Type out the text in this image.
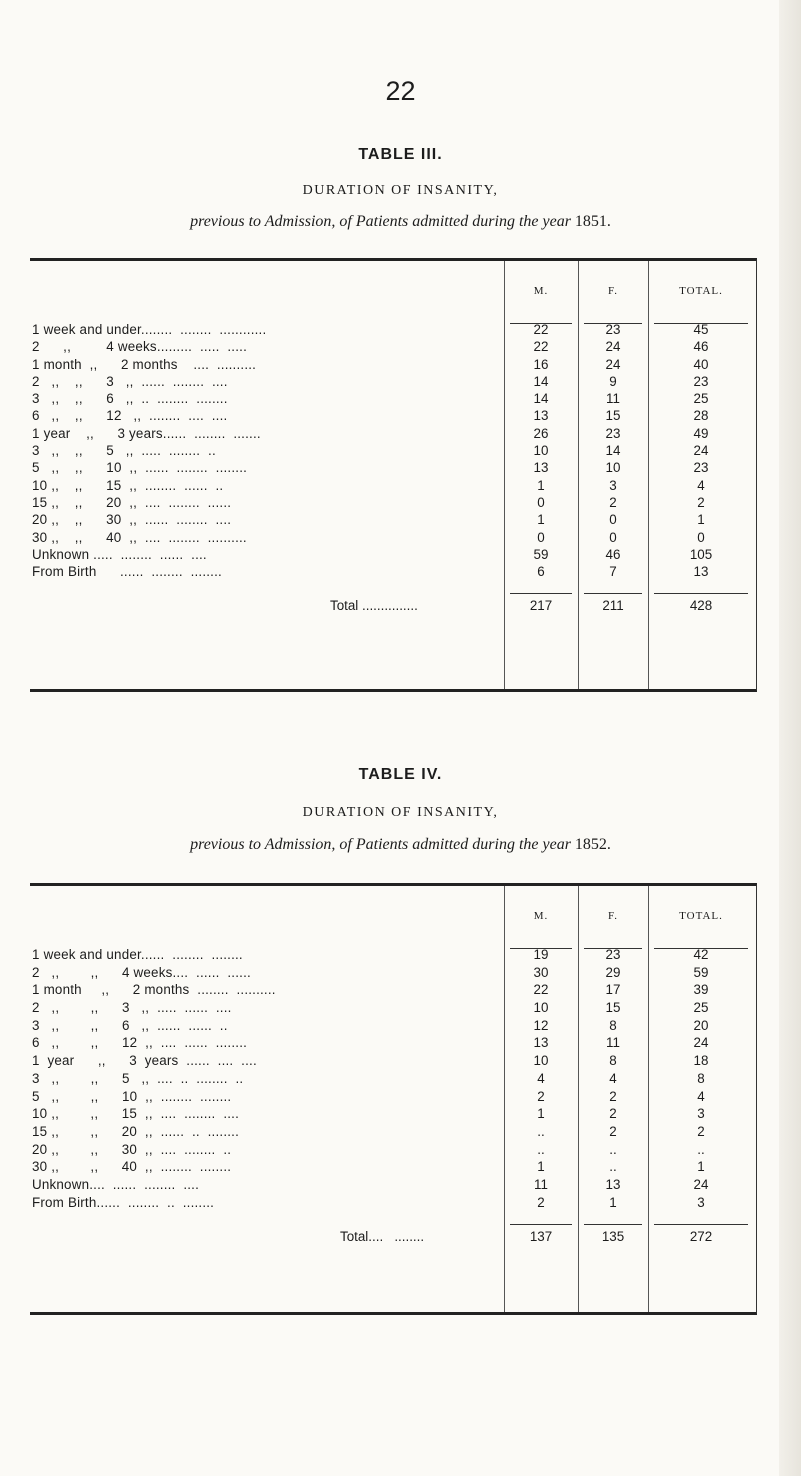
22
TABLE III.
DURATION OF INSANITY,
previous to Admission, of Patients admitted during the year 1851.
M.	F.	TOTAL.
1 week and under........  ........  ............	22	23	45
2      ,,         4 weeks.........  .....  .....	22	24	46
1 month  ,,      2 months    ....  ..........	16	24	40
2   ,,    ,,      3   ,,  ......  ........  ....	14	9	23
3   ,,    ,,      6   ,,  ..  ........  ........	14	11	25
6   ,,    ,,      12   ,,  ........  ....  ....	13	15	28
1 year    ,,      3 years......  ........  .......	26	23	49
3   ,,    ,,      5   ,,  .....  ........  ..	10	14	24
5   ,,    ,,      10  ,,  ......  ........  ........	13	10	23
10 ,,    ,,      15  ,,  ........  ......  ..	1	3	4
15 ,,    ,,      20  ,,  ....  ........  ......	0	2	2
20 ,,    ,,      30  ,,  ......  ........  ....	1	0	1
30 ,,    ,,      40  ,,  ....  ........  ..........	0	0	0
Unknown .....  ........  ......  ....	59	46	105
From Birth      ......  ........  ........	6	7	13
Total ...............	217	211	428
TABLE IV.
DURATION OF INSANITY,
previous to Admission, of Patients admitted during the year 1852.
M.	F.	TOTAL.
1 week and under......  ........  ........	19	23	42
2   ,,        ,,      4 weeks....  ......  ......	30	29	59
1 month     ,,      2 months  ........  ..........	22	17	39
2   ,,        ,,      3   ,,  .....  ......  ....	10	15	25
3   ,,        ,,      6   ,,  ......  ......  ..	12	8	20
6   ,,        ,,      12  ,,  ....  ......  ........	13	11	24
1  year      ,,      3  years  ......  ....  ....	10	8	18
3   ,,        ,,      5   ,,  ....  ..  ........  ..	4	4	8
5   ,,        ,,      10  ,,  ........  ........	2	2	4
10 ,,        ,,      15  ,,  ....  ........  ....	1	2	3
15 ,,        ,,      20  ,,  ......  ..  ........	..	2	2
20 ,,        ,,      30  ,,  ....  ........  ..	..	..	..
30 ,,        ,,      40  ,,  ........  ........	1	..	1
Unknown....  ......  ........  ....	11	13	24
From Birth......  ........  ..  ........	2	1	3
Total....   ........	137	135	272
